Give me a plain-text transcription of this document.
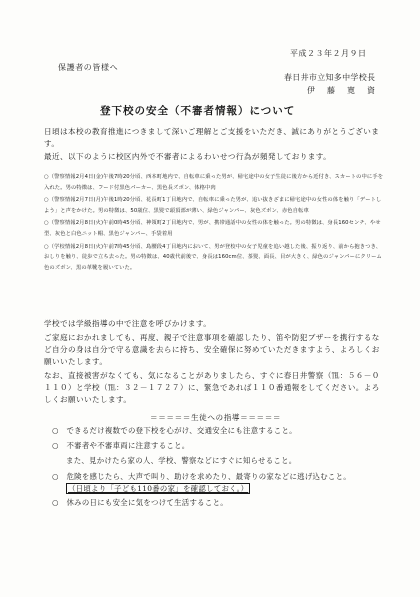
平成２３年２月９日
保護者の皆様へ
春日井市立知多中学校長
伊　藤　寛　資
登下校の安全（不審者情報）について
日頃は本校の教育推進につきまして深いご理解とご支援をいただき、誠にありがとうございます。
最近、以下のように校区内外で不審者によるわいせつ行為が頻発しております。
○（警察情報2月4日(金)午後7時20分頃、西本町地内で、自転車に乗った男が、帰宅途中の女子生徒に後方から近付き、スカートの中に手を入れた。男の特徴は、フード付黒色パーカー、黒色長ズボン、体格中肉
○（警察情報2月7日(月)午後1時20分頃、花長町1丁目地内で、自転車に乗った男が、追い抜きざまに帰宅途中の女性の体を触り「デートしよう」と声をかけた。男の特徴は、50歳位、黒髪で頭頂部が薄い、緑色ジャンパー、灰色ズボン、赤色自転車
○（警察情報2月8日(火)午前0時45分頃、神領町2丁目地内で、男が、携帯通話中の女性の体を触った。男の特徴は、身長160センチ、やせ型、灰色と白色ニット帽、黒色ジャンパー、手袋着用
○（学校情報2月8日(火)午前7時45分頃、島腰段4丁目地内において、男が登校中の女子児童を追い越した後、振り返り、前から抱きつき、おしりを触り、徒歩で立ち去った。男の特徴は、40歳代前後で、身長は160cm位、茶髪、面長、目が大きく、緑色のジャンパーにクリーム色のズボン、黒の革靴を履いていた。
学校では学級指導の中で注意を呼びかけます。
ご家庭におかれましても、再度、親子で注意事項を確認したり、笛や防犯ブザーを携行するなど自分の身は自分で守る意識を去らに持ち、安全確保に努めていただきますよう、よろしくお願いいたします。
なお、直接被害がなくても、気になることがありましたら、すぐに春日井警察（℡：５６－０１１０）と学校（℡：３２－１７２７）に、緊急であれば１１０番通報をしてください。よろしくお願いいたします。
＝＝＝＝＝生徒への指導＝＝＝＝＝
○　できるだけ複数での登下校を心がけ、交通安全にも注意すること。
○　不審者や不審車両に注意すること。
また、見かけたら家の人、学校、警察などにすぐに知らせること。
○　危険を感じたら、大声で叫り、助けを求めたり、最寄りの家などに逃げ込むこと。
（日頃より「子ども110番の家」を確認しておく。）
○　休みの日にも安全に気をつけて生活すること。
